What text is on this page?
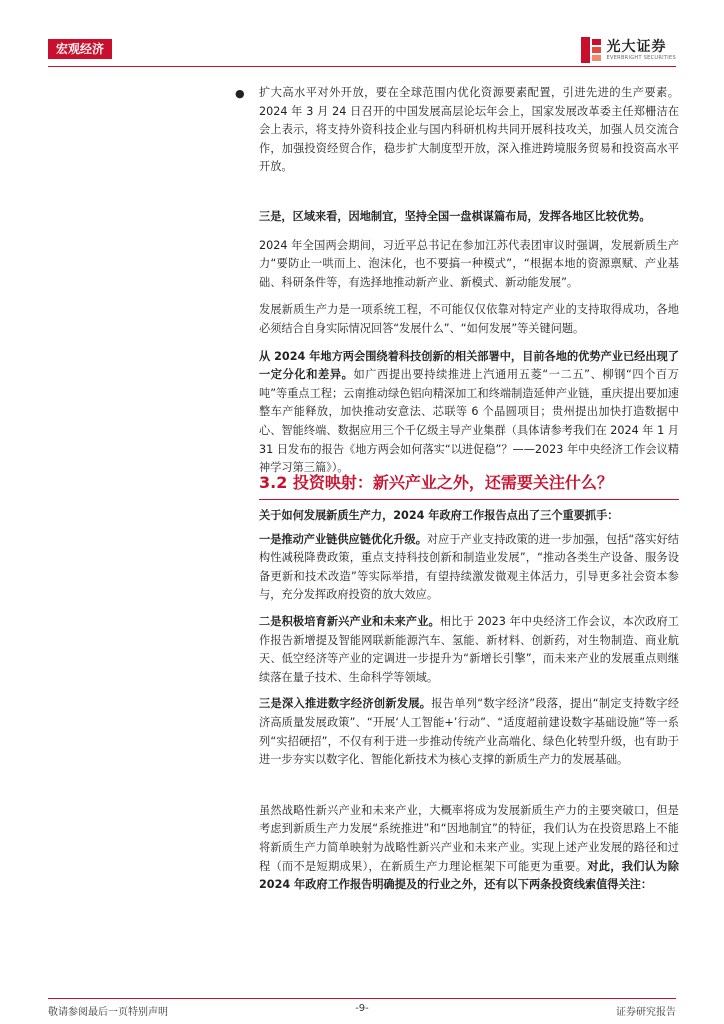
宏观经济	光大证券
EVERBRIGHT SECURITIES
● 扩大高水平对外开放，要在全球范围内优化资源要素配置，引进先进的生产要素。2024 年 3 月 24 日召开的中国发展高层论坛年会上，国家发展改革委主任郑栅洁在会上表示，将支持外资科技企业与国内科研机构共同开展科技攻关，加强人员交流合作，加强投资经贸合作，稳步扩大制度型开放，深入推进跨境服务贸易和投资高水平开放。

三是，区域来看，因地制宜，坚持全国一盘棋谋篇布局，发挥各地区比较优势。

2024 年全国两会期间，习近平总书记在参加江苏代表团审议时强调，发展新质生产力“要防止一哄而上、泡沫化，也不要搞一种模式”，“根据本地的资源禀赋、产业基础、科研条件等，有选择地推动新产业、新模式、新动能发展”。

发展新质生产力是一项系统工程，不可能仅仅依靠对特定产业的支持取得成功，各地必须结合自身实际情况回答“发展什么”、“如何发展”等关键问题。

从 2024 年地方两会围绕着科技创新的相关部署中，目前各地的优势产业已经出现了一定分化和差异。如广西提出要持续推进上汽通用五菱“一二五”、柳钢“四个百万吨”等重点工程；云南推动绿色铝向精深加工和终端制造延伸产业链，重庆提出要加速整车产能释放，加快推动安意法、芯联等 6 个晶圆项目；贵州提出加快打造数据中心、智能终端、数据应用三个千亿级主导产业集群（具体请参考我们在 2024 年 1 月 31 日发布的报告《地方两会如何落实“以进促稳”？——2023 年中央经济工作会议精神学习第三篇》）。

3.2 投资映射：新兴产业之外，还需要关注什么？

关于如何发展新质生产力，2024 年政府工作报告点出了三个重要抓手：

一是推动产业链供应链优化升级。对应于产业支持政策的进一步加强，包括“落实好结构性减税降费政策，重点支持科技创新和制造业发展”，“推动各类生产设备、服务设备更新和技术改造”等实际举措，有望持续激发微观主体活力，引导更多社会资本参与，充分发挥政府投资的放大效应。

二是积极培育新兴产业和未来产业。相比于 2023 年中央经济工作会议，本次政府工作报告新增提及智能网联新能源汽车、氢能、新材料、创新药，对生物制造、商业航天、低空经济等产业的定调进一步提升为“新增长引擎”，而未来产业的发展重点则继续落在量子技术、生命科学等领域。

三是深入推进数字经济创新发展。报告单列“数字经济”段落，提出“制定支持数字经济高质量发展政策”、“开展‘人工智能+’行动”、“适度超前建设数字基础设施”等一系列“实招硬招”，不仅有利于进一步推动传统产业高端化、绿色化转型升级，也有助于进一步夯实以数字化、智能化新技术为核心支撑的新质生产力的发展基础。

虽然战略性新兴产业和未来产业，大概率将成为发展新质生产力的主要突破口，但是考虑到新质生产力发展“系统推进”和“因地制宜”的特征，我们认为在投资思路上不能将新质生产力简单映射为战略性新兴产业和未来产业。实现上述产业发展的路径和过程（而不是短期成果），在新质生产力理论框架下可能更为重要。对此，我们认为除 2024 年政府工作报告明确提及的行业之外，还有以下两条投资线索值得关注：

敬请参阅最后一页特别声明	-9-	证券研究报告
